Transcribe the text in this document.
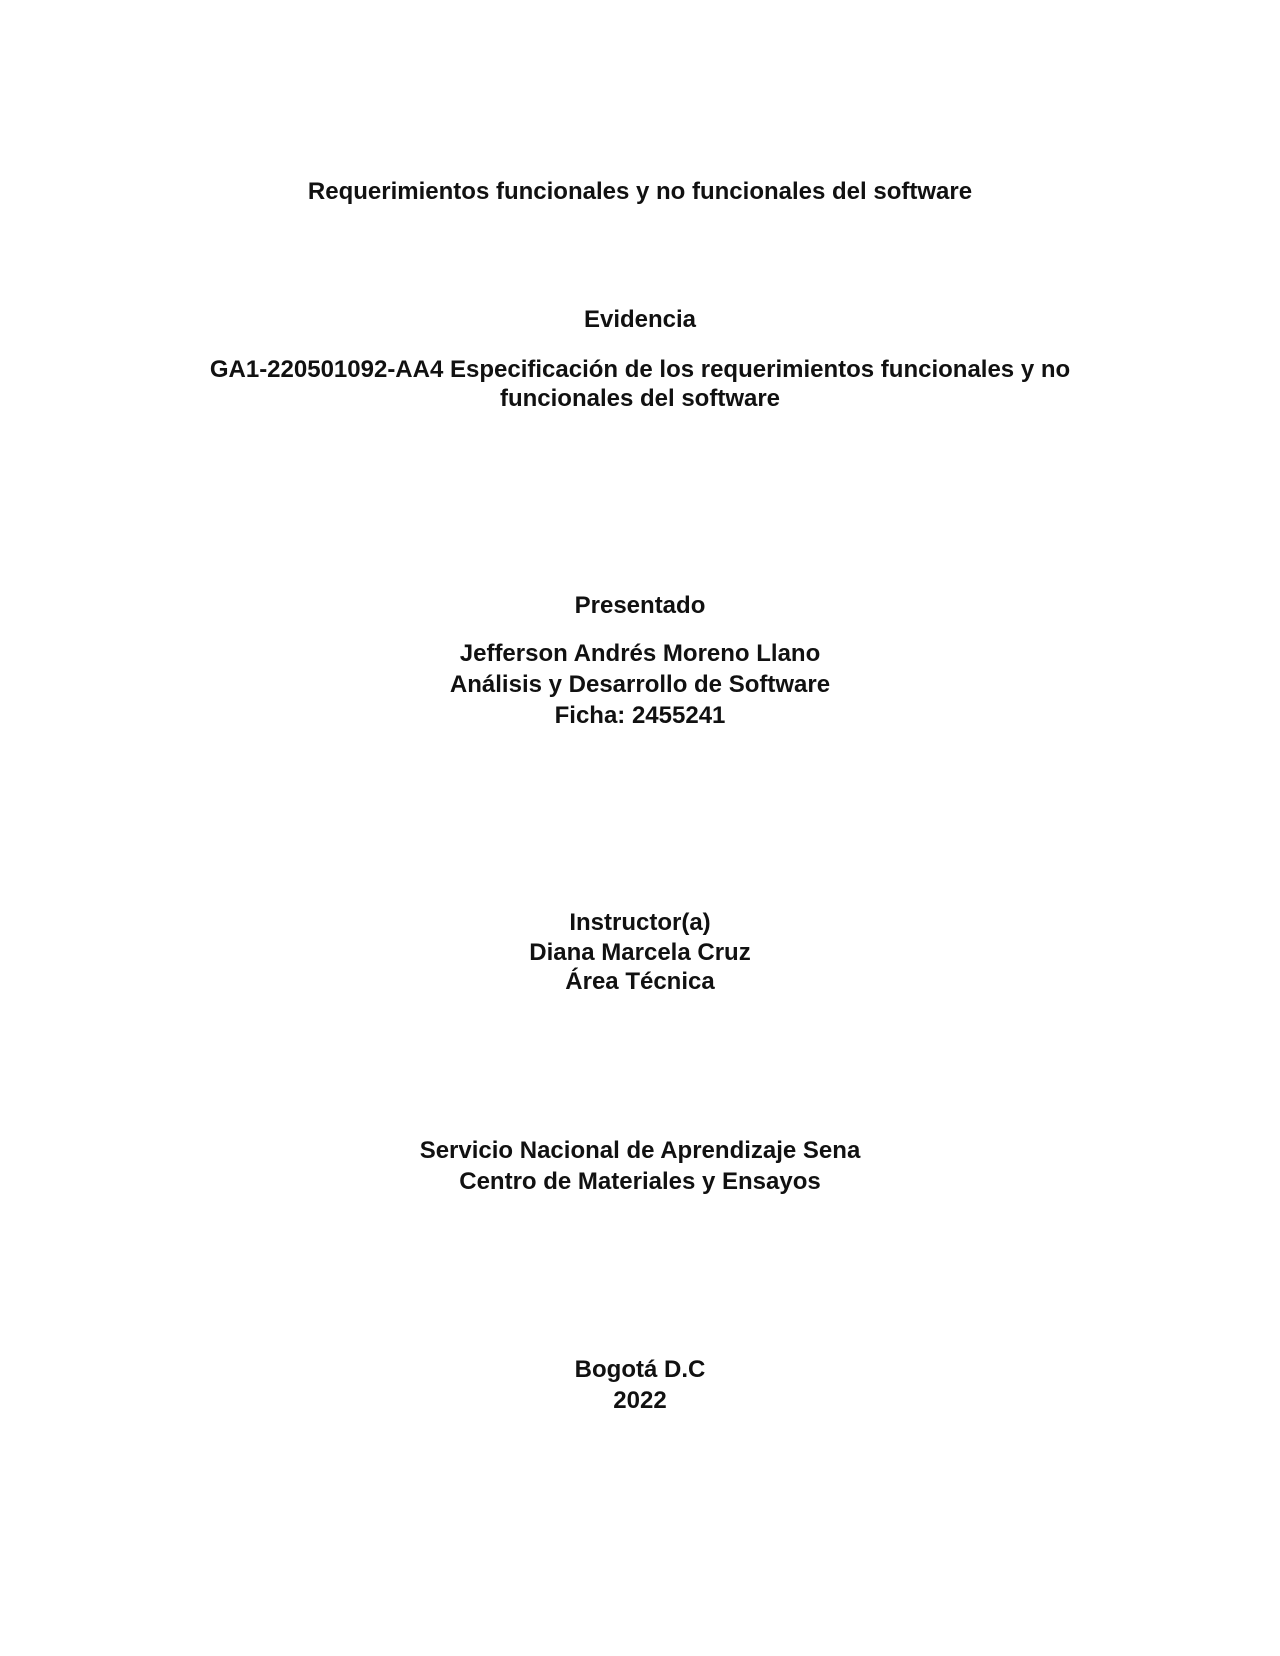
Requerimientos funcionales y no funcionales del software
Evidencia
GA1-220501092-AA4 Especificación de los requerimientos funcionales y no
funcionales del software
Presentado
Jefferson Andrés Moreno Llano
Análisis y Desarrollo de Software
Ficha: 2455241
Instructor(a)
Diana Marcela Cruz
Área Técnica
Servicio Nacional de Aprendizaje Sena
Centro de Materiales y Ensayos
Bogotá D.C
2022
